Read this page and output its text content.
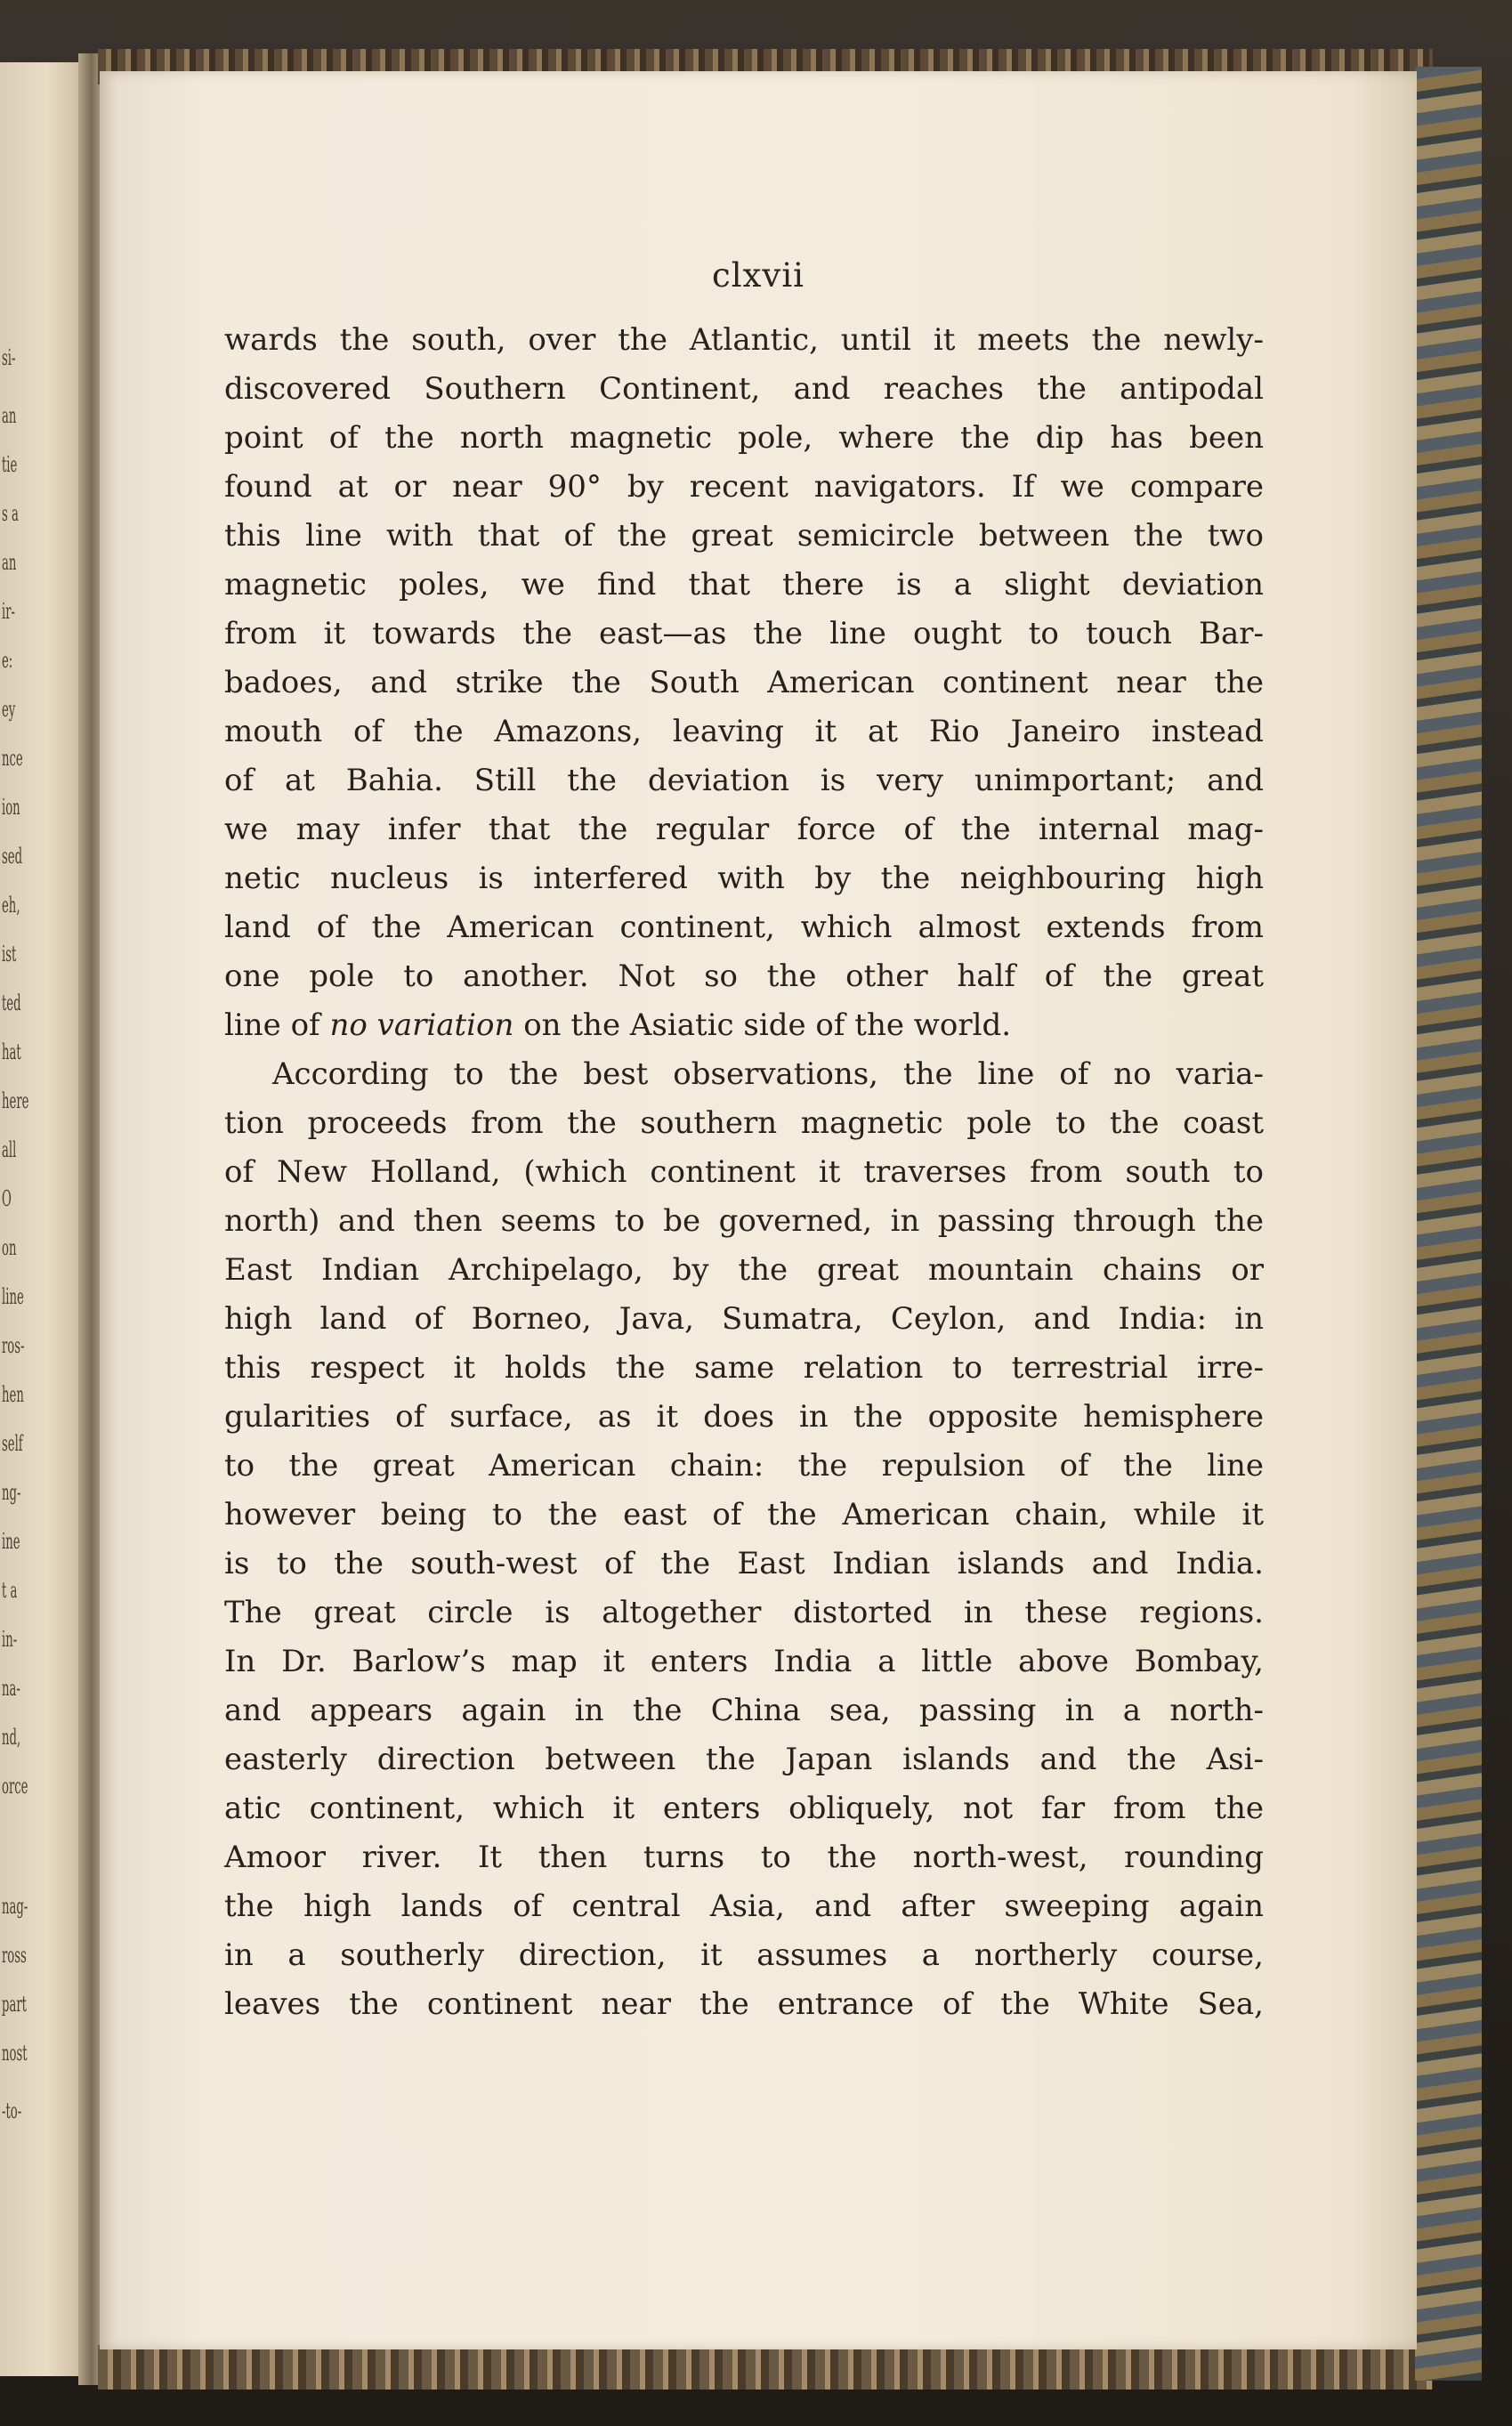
si-
an
tie
s a
an
ir-
e:
ey
nce
ion
sed
eh,
ist
ted
hat
here
all
O
on
line
ros-
hen
self
ng-
ine
t a
in-
na-
nd,
orce
nag-
ross
part
nost
-to-
clxvii

wards the south, over the Atlantic, until it meets the newly-
discovered Southern Continent, and reaches the antipodal
point of the north magnetic pole, where the dip has been
found at or near 90° by recent navigators. If we compare
this line with that of the great semicircle between the two
magnetic poles, we find that there is a slight deviation
from it towards the east—as the line ought to touch Bar-
badoes, and strike the South American continent near the
mouth of the Amazons, leaving it at Rio Janeiro instead
of at Bahia. Still the deviation is very unimportant; and
we may infer that the regular force of the internal mag-
netic nucleus is interfered with by the neighbouring high
land of the American continent, which almost extends from
one pole to another. Not so the other half of the great
line of no variation on the Asiatic side of the world.

According to the best observations, the line of no varia-
tion proceeds from the southern magnetic pole to the coast
of New Holland, (which continent it traverses from south to
north) and then seems to be governed, in passing through the
East Indian Archipelago, by the great mountain chains or
high land of Borneo, Java, Sumatra, Ceylon, and India: in
this respect it holds the same relation to terrestrial irre-
gularities of surface, as it does in the opposite hemisphere
to the great American chain: the repulsion of the line
however being to the east of the American chain, while it
is to the south-west of the East Indian islands and India.
The great circle is altogether distorted in these regions.
In Dr. Barlow’s map it enters India a little above Bombay,
and appears again in the China sea, passing in a north-
easterly direction between the Japan islands and the Asi-
atic continent, which it enters obliquely, not far from the
Amoor river. It then turns to the north-west, rounding
the high lands of central Asia, and after sweeping again
in a southerly direction, it assumes a northerly course,
leaves the continent near the entrance of the White Sea,
